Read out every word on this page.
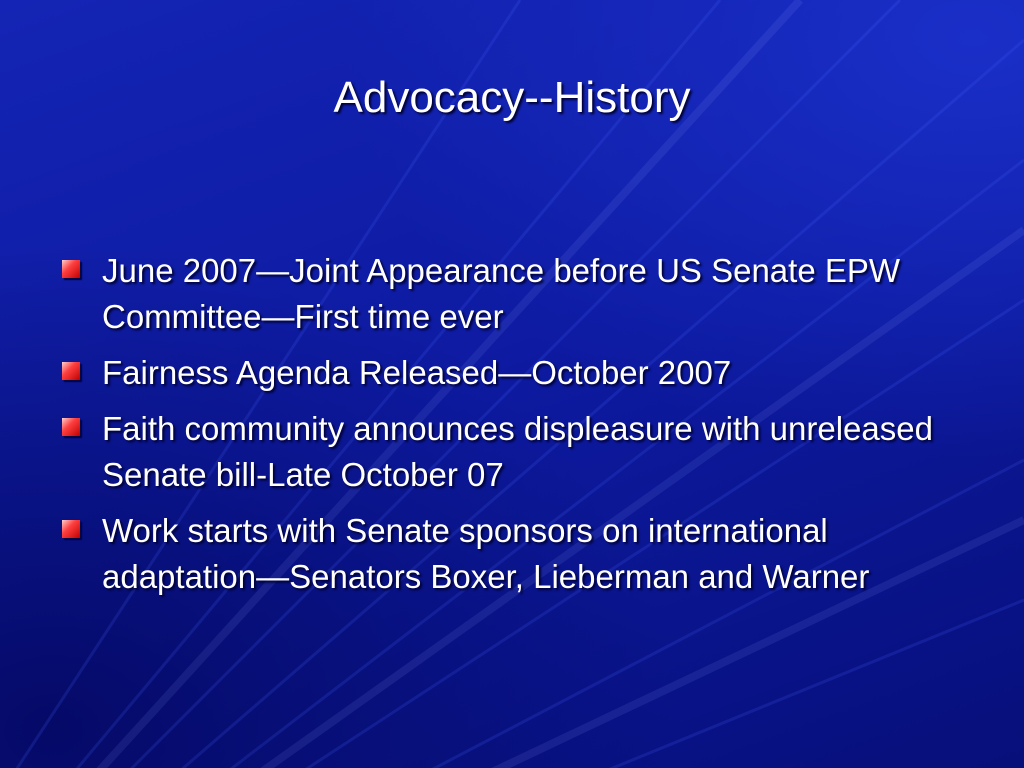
Advocacy--History
June 2007—Joint Appearance before US Senate EPW Committee—First time ever
Fairness Agenda Released—October 2007
Faith community announces displeasure with unreleased Senate bill-Late October 07
Work starts with Senate sponsors on international adaptation—Senators Boxer, Lieberman and Warner
